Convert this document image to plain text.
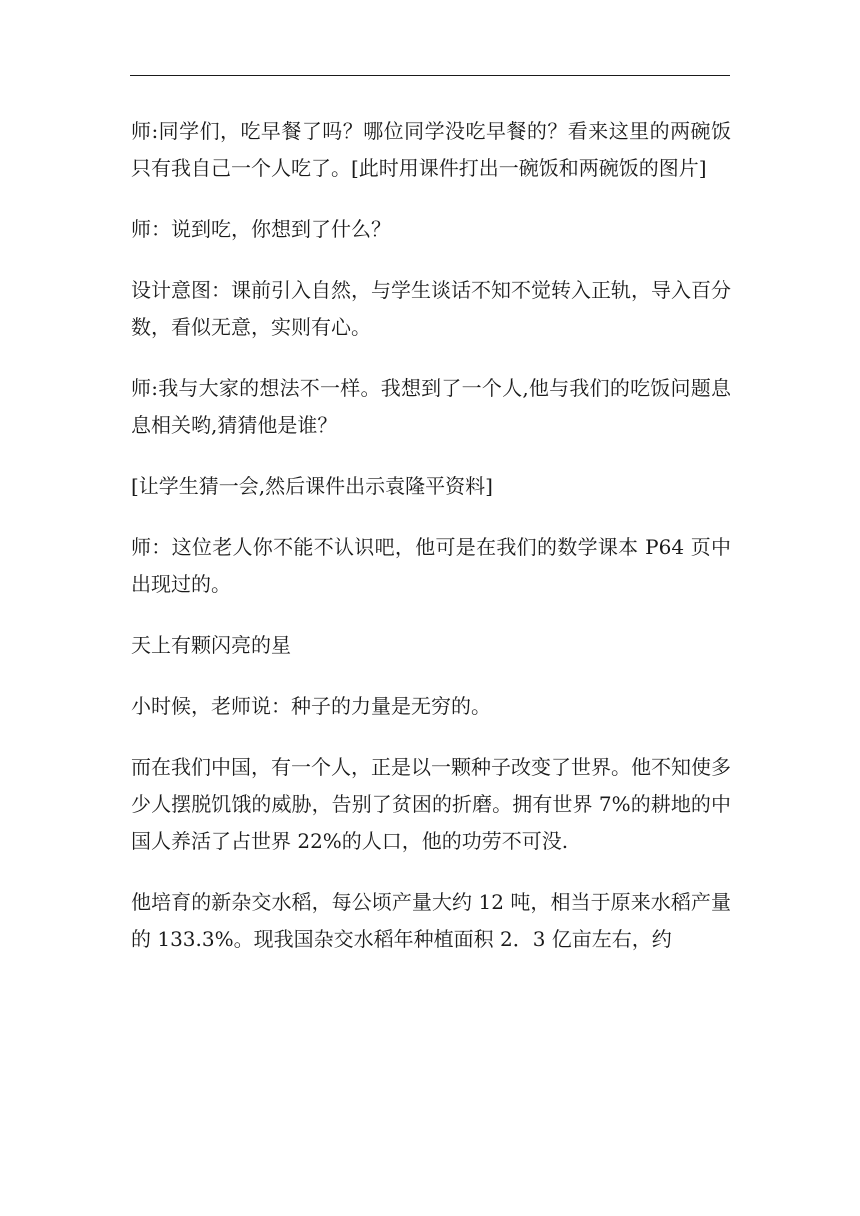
师:同学们，吃早餐了吗？哪位同学没吃早餐的？看来这里的两碗饭只有我自己一个人吃了。[此时用课件打出一碗饭和两碗饭的图片]

师：说到吃，你想到了什么？

设计意图：课前引入自然，与学生谈话不知不觉转入正轨，导入百分数，看似无意，实则有心。

师:我与大家的想法不一样。我想到了一个人,他与我们的吃饭问题息息相关哟,猜猜他是谁？

[让学生猜一会,然后课件出示袁隆平资料]

师：这位老人你不能不认识吧，他可是在我们的数学课本 P64 页中出现过的。

天上有颗闪亮的星

小时候，老师说：种子的力量是无穷的。

而在我们中国，有一个人，正是以一颗种子改变了世界。他不知使多少人摆脱饥饿的威胁，告别了贫困的折磨。拥有世界 7%的耕地的中国人养活了占世界 22%的人口，他的功劳不可没.

他培育的新杂交水稻，每公顷产量大约 12 吨，相当于原来水稻产量的 133.3%。现我国杂交水稻年种植面积 2．3 亿亩左右，约
